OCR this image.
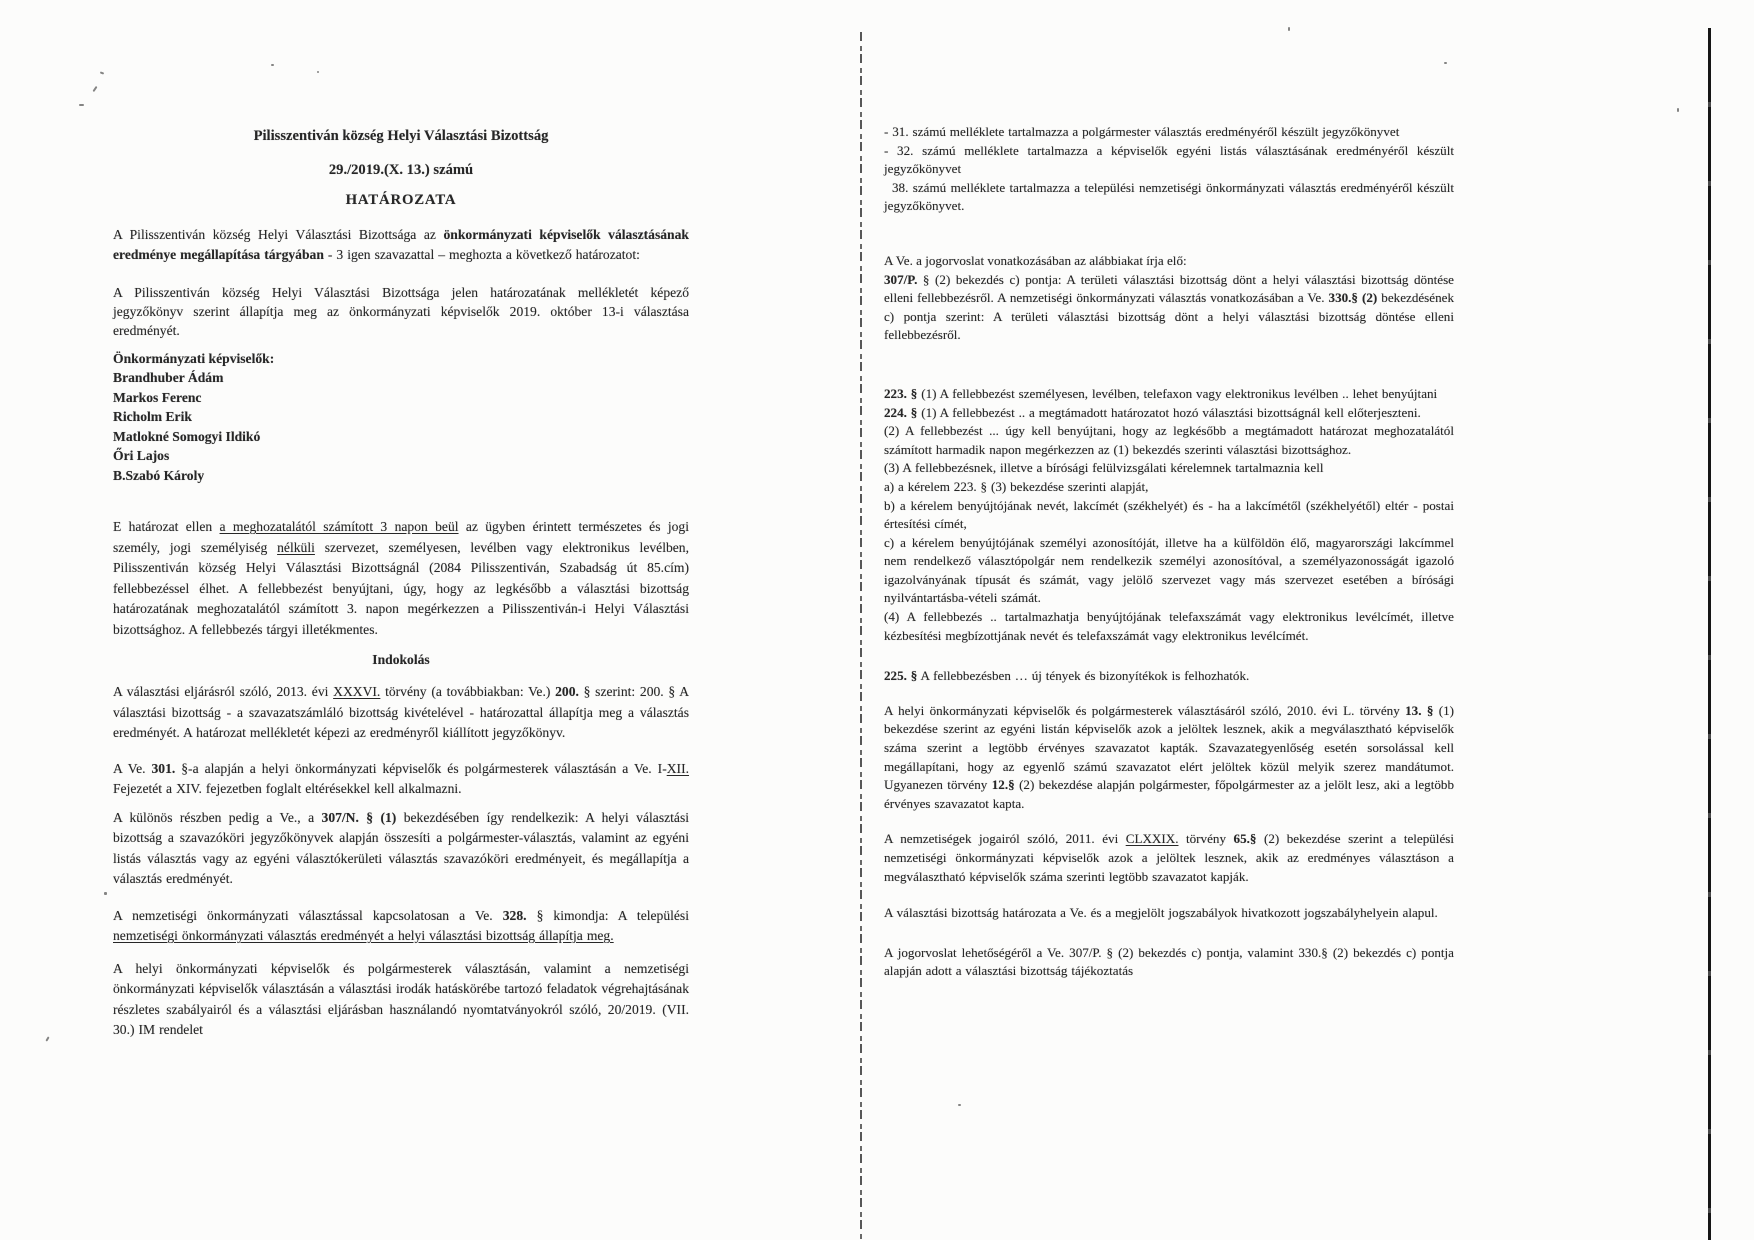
Pilisszentiván község Helyi Választási Bizottság
29./2019.(X. 13.) számú
HATÁROZATA
A Pilisszentiván község Helyi Választási Bizottsága az önkormányzati képviselők választásának eredménye megállapítása tárgyában - 3 igen szavazattal – meghozta a következő határozatot:
A Pilisszentiván község Helyi Választási Bizottsága jelen határozatának mellékletét képező jegyzőkönyv szerint állapítja meg az önkormányzati képviselők 2019. október 13-i választása eredményét.
Önkormányzati képviselők:
Brandhuber Ádám
Markos Ferenc
Richolm Erik
Matlokné Somogyi Ildikó
Őri Lajos
B.Szabó Károly
E határozat ellen a meghozatalától számított 3 napon beül az ügyben érintett természetes és jogi személy, jogi személyiség nélküli szervezet, személyesen, levélben vagy elektronikus levélben, Pilisszentiván község Helyi Választási Bizottságnál (2084 Pilisszentiván, Szabadság út 85.cím) fellebbezéssel élhet. A fellebbezést benyújtani, úgy, hogy az legkésőbb a választási bizottság határozatának meghozatalától számított 3. napon megérkezzen a Pilisszentiván-i Helyi Választási bizottsághoz. A fellebbezés tárgyi illetékmentes.
Indokolás
A választási eljárásról szóló, 2013. évi XXXVI. törvény (a továbbiakban: Ve.) 200. § szerint: 200. § A választási bizottság - a szavazatszámláló bizottság kivételével - határozattal állapítja meg a választás eredményét. A határozat mellékletét képezi az eredményről kiállított jegyzőkönyv.
A Ve. 301. §-a alapján a helyi önkormányzati képviselők és polgármesterek választásán a Ve. I-XII. Fejezetét a XIV. fejezetben foglalt eltérésekkel kell alkalmazni.
A különös részben pedig a Ve., a 307/N. § (1) bekezdésében így rendelkezik: A helyi választási bizottság a szavazóköri jegyzőkönyvek alapján összesíti a polgármester-választás, valamint az egyéni listás választás vagy az egyéni választókerületi választás szavazóköri eredményeit, és megállapítja a választás eredményét.
A nemzetiségi önkormányzati választással kapcsolatosan a Ve. 328. § kimondja: A települési nemzetiségi önkormányzati választás eredményét a helyi választási bizottság állapítja meg.
A helyi önkormányzati képviselők és polgármesterek választásán, valamint a nemzetiségi önkormányzati képviselők választásán a választási irodák hatáskörébe tartozó feladatok végrehajtásának részletes szabályairól és a választási eljárásban használandó nyomtatványokról szóló, 20/2019. (VII. 30.) IM rendelet
- 31. számú melléklete tartalmazza a polgármester választás eredményéről készült jegyzőkönyvet
- 32. számú melléklete tartalmazza a képviselők egyéni listás választásának eredményéről készült jegyzőkönyvet
38. számú melléklete tartalmazza a települési nemzetiségi önkormányzati választás eredményéről készült jegyzőkönyvet.
A Ve. a jogorvoslat vonatkozásában az alábbiakat írja elő:
307/P. § (2) bekezdés c) pontja: A területi választási bizottság dönt a helyi választási bizottság döntése elleni fellebbezésről. A nemzetiségi önkormányzati választás vonatkozásában a Ve. 330.§ (2) bekezdésének c) pontja szerint: A területi választási bizottság dönt a helyi választási bizottság döntése elleni fellebbezésről.
223. § (1) A fellebbezést személyesen, levélben, telefaxon vagy elektronikus levélben .. lehet benyújtani
224. § (1) A fellebbezést .. a megtámadott határozatot hozó választási bizottságnál kell előterjeszteni.
(2) A fellebbezést ... úgy kell benyújtani, hogy az legkésőbb a megtámadott határozat meghozatalától számított harmadik napon megérkezzen az (1) bekezdés szerinti választási bizottsághoz.
(3) A fellebbezésnek, illetve a bírósági felülvizsgálati kérelemnek tartalmaznia kell
a) a kérelem 223. § (3) bekezdése szerinti alapját,
b) a kérelem benyújtójának nevét, lakcímét (székhelyét) és - ha a lakcímétől (székhelyétől) eltér - postai értesítési címét,
c) a kérelem benyújtójának személyi azonosítóját, illetve ha a külföldön élő, magyarországi lakcímmel nem rendelkező választópolgár nem rendelkezik személyi azonosítóval, a személyazonosságát igazoló igazolványának típusát és számát, vagy jelölő szervezet vagy más szervezet esetében a bírósági nyilvántartásba-vételi számát.
(4) A fellebbezés .. tartalmazhatja benyújtójának telefaxszámát vagy elektronikus levélcímét, illetve kézbesítési megbízottjának nevét és telefaxszámát vagy elektronikus levélcímét.
225. § A fellebbezésben … új tények és bizonyítékok is felhozhatók.
A helyi önkormányzati képviselők és polgármesterek választásáról szóló, 2010. évi L. törvény 13. § (1) bekezdése szerint az egyéni listán képviselők azok a jelöltek lesznek, akik a megválasztható képviselők száma szerint a legtöbb érvényes szavazatot kapták. Szavazategyenlőség esetén sorsolással kell megállapítani, hogy az egyenlő számú szavazatot elért jelöltek közül melyik szerez mandátumot. Ugyanezen törvény 12.§ (2) bekezdése alapján polgármester, főpolgármester az a jelölt lesz, aki a legtöbb érvényes szavazatot kapta.
A nemzetiségek jogairól szóló, 2011. évi CLXXIX. törvény 65.§ (2) bekezdése szerint a települési nemzetiségi önkormányzati képviselők azok a jelöltek lesznek, akik az eredményes választáson a megválasztható képviselők száma szerinti legtöbb szavazatot kapják.
A választási bizottság határozata a Ve. és a megjelölt jogszabályok hivatkozott jogszabályhelyein alapul.
A jogorvoslat lehetőségéről a Ve. 307/P. § (2) bekezdés c) pontja, valamint 330.§ (2) bekezdés c) pontja alapján adott a választási bizottság tájékoztatás
